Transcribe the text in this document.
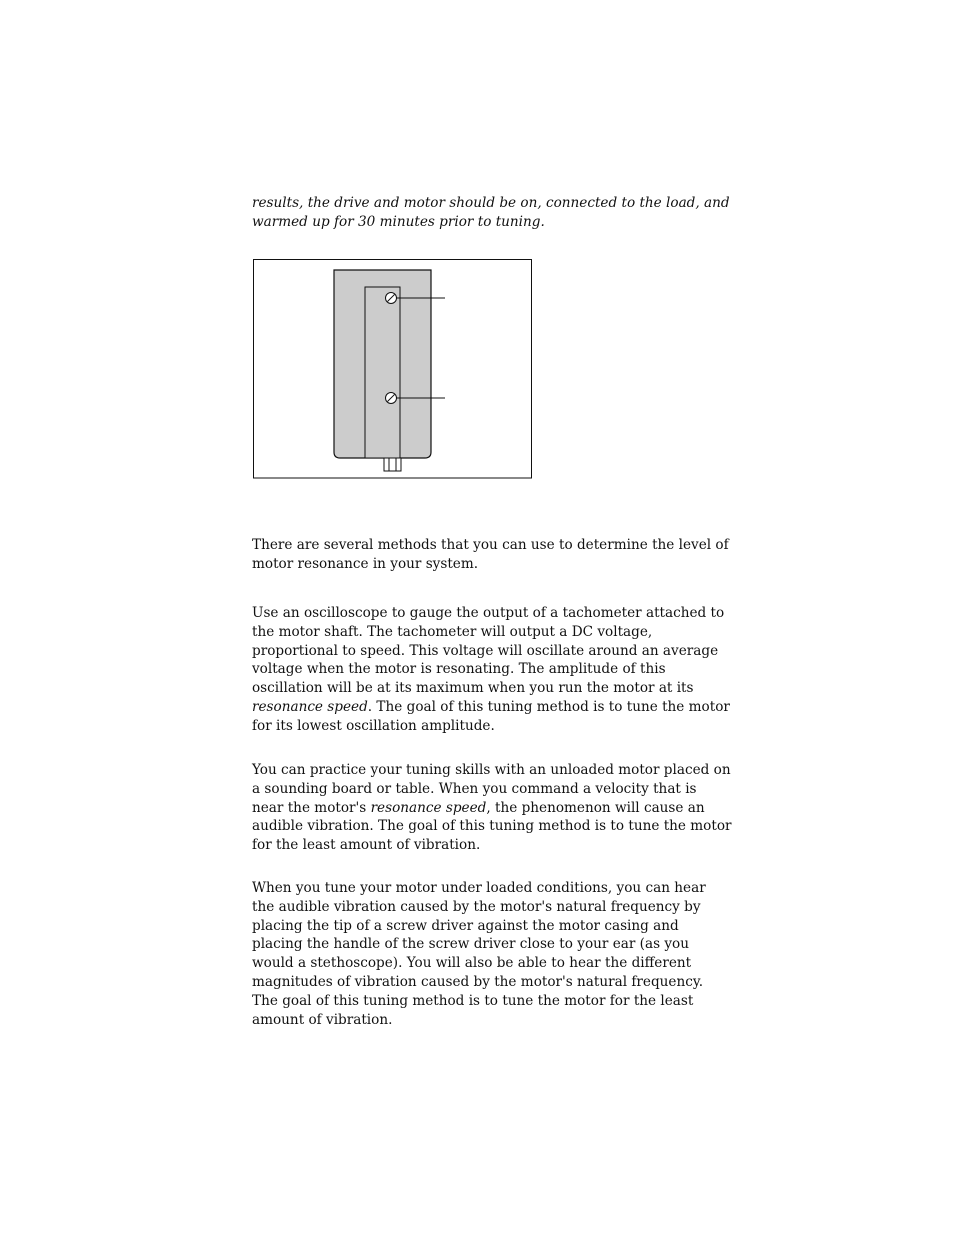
results, the drive and motor should be on, connected to the load, and warmed up for 30 minutes prior to tuning.

There are several methods that you can use to determine the level of motor resonance in your system.

Use an oscilloscope to gauge the output of a tachometer attached to the motor shaft. The tachometer will output a DC voltage, proportional to speed. This voltage will oscillate around an average voltage when the motor is resonating. The amplitude of this oscillation will be at its maximum when you run the motor at its resonance speed. The goal of this tuning method is to tune the motor for its lowest oscillation amplitude.

You can practice your tuning skills with an unloaded motor placed on a sounding board or table. When you command a velocity that is near the motor's resonance speed, the phenomenon will cause an audible vibration. The goal of this tuning method is to tune the motor for the least amount of vibration.

When you tune your motor under loaded conditions, you can hear the audible vibration caused by the motor's natural frequency by placing the tip of a screw driver against the motor casing and placing the handle of the screw driver close to your ear (as you would a stethoscope). You will also be able to hear the different magnitudes of vibration caused by the motor's natural frequency. The goal of this tuning method is to tune the motor for the least amount of vibration.
